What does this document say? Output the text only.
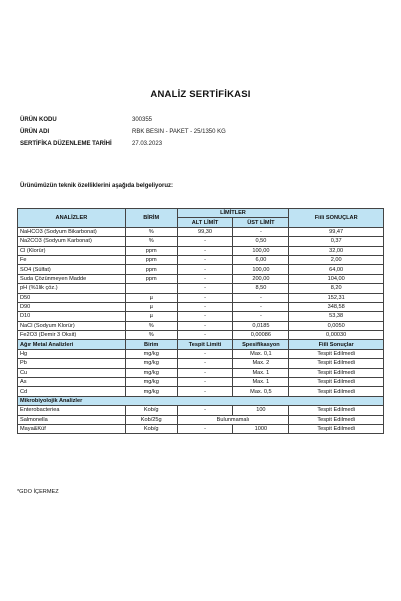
ANALİZ SERTİFİKASI
ÜRÜN KODU	300355
ÜRÜN ADI	RBK BESIN - PAKET - 25/1350 KG
SERTİFİKA DÜZENLEME TARİHİ	27.03.2023
Ürünümüzün teknik özelliklerini aşağıda belgeliyoruz:
ANALİZLER	BİRİM	LİMİTLER		Fiili SONUÇLAR
		ALT LİMİT	ÜST LİMİT	
NaHCO3 (Sodyum Bikarbonat)	%	99,30	-	99,47
Na2CO3 (Sodyum Karbonat)	%	-	0,50	0,37
Cl (Klorür)	ppm	-	100,00	32,00
Fe	ppm	-	6,00	2,00
SO4 (Sülfat)	ppm	-	100,00	64,00
Suda Çözünmeyen Madde	ppm	-	200,00	104,00
pH (%1lik çöz.)		-	8,50	8,20
D50	µ	-	-	152,31
D90	µ	-	-	348,58
D10	µ	-	-	53,38
NaCl (Sodyum Klorür)	%	-	0,0185	0,0050
Fe2O3 (Demir 3 Oksit)	%	-	0,00086	0,00030
Ağır Metal Analizleri	Birim	Tespit Limiti	Spesifikasyon	Fiili Sonuçlar
Hg	mg/kg	-	Max. 0,1	Tespit Edilmedi
Pb	mg/kg	-	Max. 2	Tespit Edilmedi
Cu	mg/kg	-	Max. 1	Tespit Edilmedi
As	mg/kg	-	Max. 1	Tespit Edilmedi
Cd	mg/kg	-	Max. 0,5	Tespit Edilmedi
Mikrobiyolojik Analizler				
Enterobacteriea	Kob/g	-	100	Tespit Edilmedi
Salmonella	Kob/25g	Bulunmamalı		Tespit Edilmedi
Maya&Küf	Kob/g	-	1000	Tespit Edilmedi
*GDO İÇERMEZ
